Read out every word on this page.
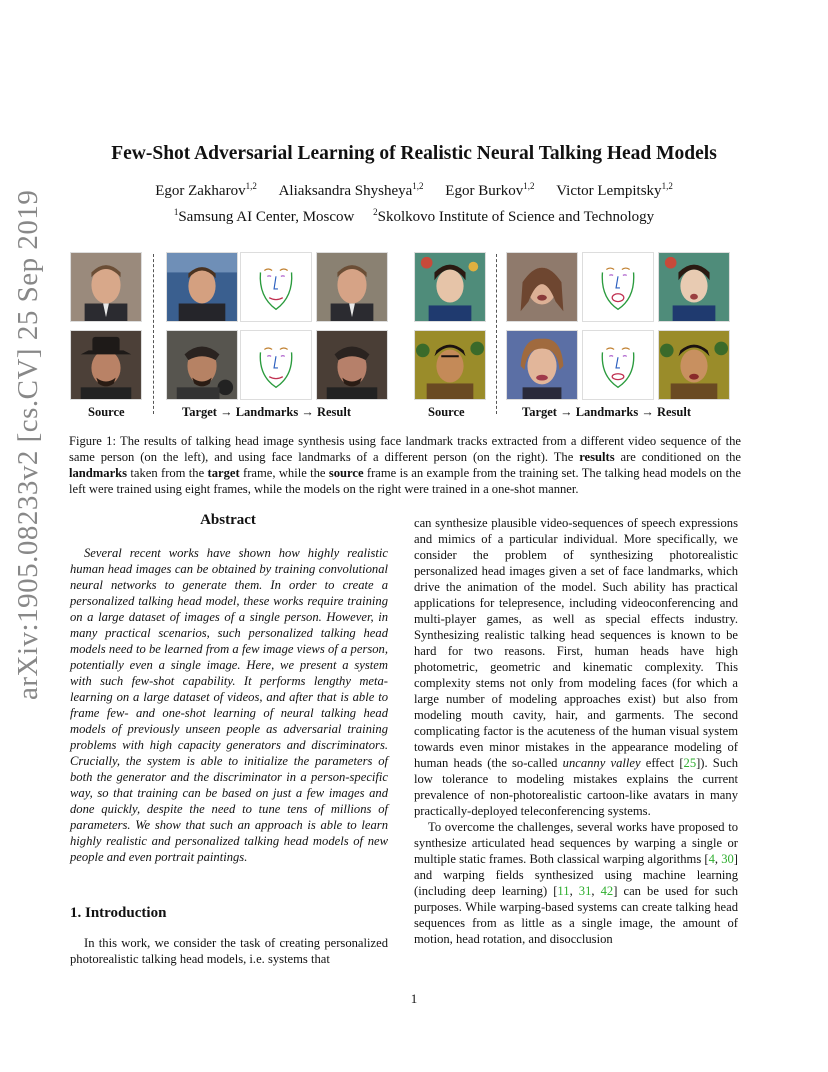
arXiv:1905.08233v2 [cs.CV] 25 Sep 2019
Few-Shot Adversarial Learning of Realistic Neural Talking Head Models
Egor Zakharov$^{1,2}$ Aliaksandra Shysheya$^{1,2}$ Egor Burkov$^{1,2}$ Victor Lempitsky$^{1,2}$
$^1$Samsung AI Center, Moscow $^2$Skolkovo Institute of Science and Technology
Source	Target → Landmarks → Result	Source	Target → Landmarks → Result
Figure 1: The results of talking head image synthesis using face landmark tracks extracted from a different video sequence of the same person (on the left), and using face landmarks of a different person (on the right). The results are conditioned on the landmarks taken from the target frame, while the source frame is an example from the training set. The talking head models on the left were trained using eight frames, while the models on the right were trained in a one-shot manner.
Abstract
Several recent works have shown how highly realistic human head images can be obtained by training convolutional neural networks to generate them. In order to create a personalized talking head model, these works require training on a large dataset of images of a single person. However, in many practical scenarios, such personalized talking head models need to be learned from a few image views of a person, potentially even a single image. Here, we present a system with such few-shot capability. It performs lengthy meta-learning on a large dataset of videos, and after that is able to frame few- and one-shot learning of neural talking head models of previously unseen people as adversarial training problems with high capacity generators and discriminators. Crucially, the system is able to initialize the parameters of both the generator and the discriminator in a person-specific way, so that training can be based on just a few images and done quickly, despite the need to tune tens of millions of parameters. We show that such an approach is able to learn highly realistic and personalized talking head models of new people and even portrait paintings.
1. Introduction
In this work, we consider the task of creating personalized photorealistic talking head models, i.e. systems that

can synthesize plausible video-sequences of speech expressions and mimics of a particular individual. More specifically, we consider the problem of synthesizing photorealistic personalized head images given a set of face landmarks, which drive the animation of the model. Such ability has practical applications for telepresence, including videoconferencing and multi-player games, as well as special effects industry. Synthesizing realistic talking head sequences is known to be hard for two reasons. First, human heads have high photometric, geometric and kinematic complexity. This complexity stems not only from modeling faces (for which a large number of modeling approaches exist) but also from modeling mouth cavity, hair, and garments. The second complicating factor is the acuteness of the human visual system towards even minor mistakes in the appearance modeling of human heads (the so-called uncanny valley effect [25]). Such low tolerance to modeling mistakes explains the current prevalence of non-photorealistic cartoon-like avatars in many practically-deployed teleconferencing systems.

To overcome the challenges, several works have proposed to synthesize articulated head sequences by warping a single or multiple static frames. Both classical warping algorithms [4, 30] and warping fields synthesized using machine learning (including deep learning) [11, 31, 42] can be used for such purposes. While warping-based systems can create talking head sequences from as little as a single image, the amount of motion, head rotation, and disocclusion

1
